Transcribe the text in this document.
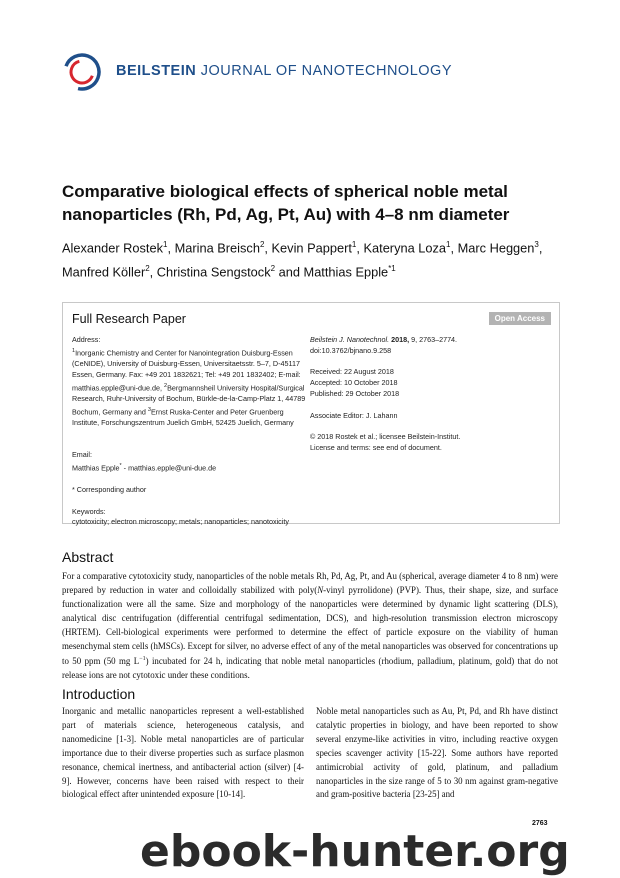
BEILSTEIN JOURNAL OF NANOTECHNOLOGY
Comparative biological effects of spherical noble metal nanoparticles (Rh, Pd, Ag, Pt, Au) with 4–8 nm diameter
Alexander Rostek$^1$, Marina Breisch$^2$, Kevin Pappert$^1$, Kateryna Loza$^1$, Marc Heggen$^3$, Manfred Köller$^2$, Christina Sengstock$^2$ and Matthias Epple$^{*1}$
Full Research Paper	Open Access
Address:
$^1$Inorganic Chemistry and Center for Nanointegration Duisburg-Essen (CeNIDE), University of Duisburg-Essen, Universitaetsstr. 5–7, D-45117 Essen, Germany. Fax: +49 201 1832621; Tel: +49 201 1832402; E-mail: matthias.epple@uni-due.de, $^2$Bergmannsheil University Hospital/Surgical Research, Ruhr-University of Bochum, Bürkle-de-la-Camp-Platz 1, 44789 Bochum, Germany and $^3$Ernst Ruska-Center and Peter Gruenberg Institute, Forschungszentrum Juelich GmbH, 52425 Juelich, Germany
Email:
Matthias Epple* - matthias.epple@uni-due.de
* Corresponding author
Keywords:
cytotoxicity; electron microscopy; metals; nanoparticles; nanotoxicity
Beilstein J. Nanotechnol. 2018, 9, 2763–2774.
doi:10.3762/bjnano.9.258
Received: 22 August 2018
Accepted: 10 October 2018
Published: 29 October 2018
Associate Editor: J. Lahann
© 2018 Rostek et al.; licensee Beilstein-Institut.
License and terms: see end of document.
Abstract
For a comparative cytotoxicity study, nanoparticles of the noble metals Rh, Pd, Ag, Pt, and Au (spherical, average diameter 4 to 8 nm) were prepared by reduction in water and colloidally stabilized with poly(N-vinyl pyrrolidone) (PVP). Thus, their shape, size, and surface functionalization were all the same. Size and morphology of the nanoparticles were determined by dynamic light scattering (DLS), analytical disc centrifugation (differential centrifugal sedimentation, DCS), and high-resolution transmission electron microscopy (HRTEM). Cell-biological experiments were performed to determine the effect of particle exposure on the viability of human mesenchymal stem cells (hMSCs). Except for silver, no adverse effect of any of the metal nanoparticles was observed for concentrations up to 50 ppm (50 mg $L^{-1}$) incubated for 24 h, indicating that noble metal nanoparticles (rhodium, palladium, platinum, gold) that do not release ions are not cytotoxic under these conditions.
Introduction
Inorganic and metallic nanoparticles represent a well-established part of materials science, heterogeneous catalysis, and nanomedicine [1-3]. Noble metal nanoparticles are of particular importance due to their diverse properties such as surface plasmon resonance, chemical inertness, and antibacterial action (silver) [4-9]. However, concerns have been raised with respect to their biological effect after unintended exposure [10-14].
Noble metal nanoparticles such as Au, Pt, Pd, and Rh have distinct catalytic properties in biology, and have been reported to show several enzyme-like activities in vitro, including reactive oxygen species scavenger activity [15-22]. Some authors have reported antimicrobial activity of gold, platinum, and palladium nanoparticles in the size range of 5 to 30 nm against gram-negative and gram-positive bacteria [23-25] and
2763
ebook-hunter.org
